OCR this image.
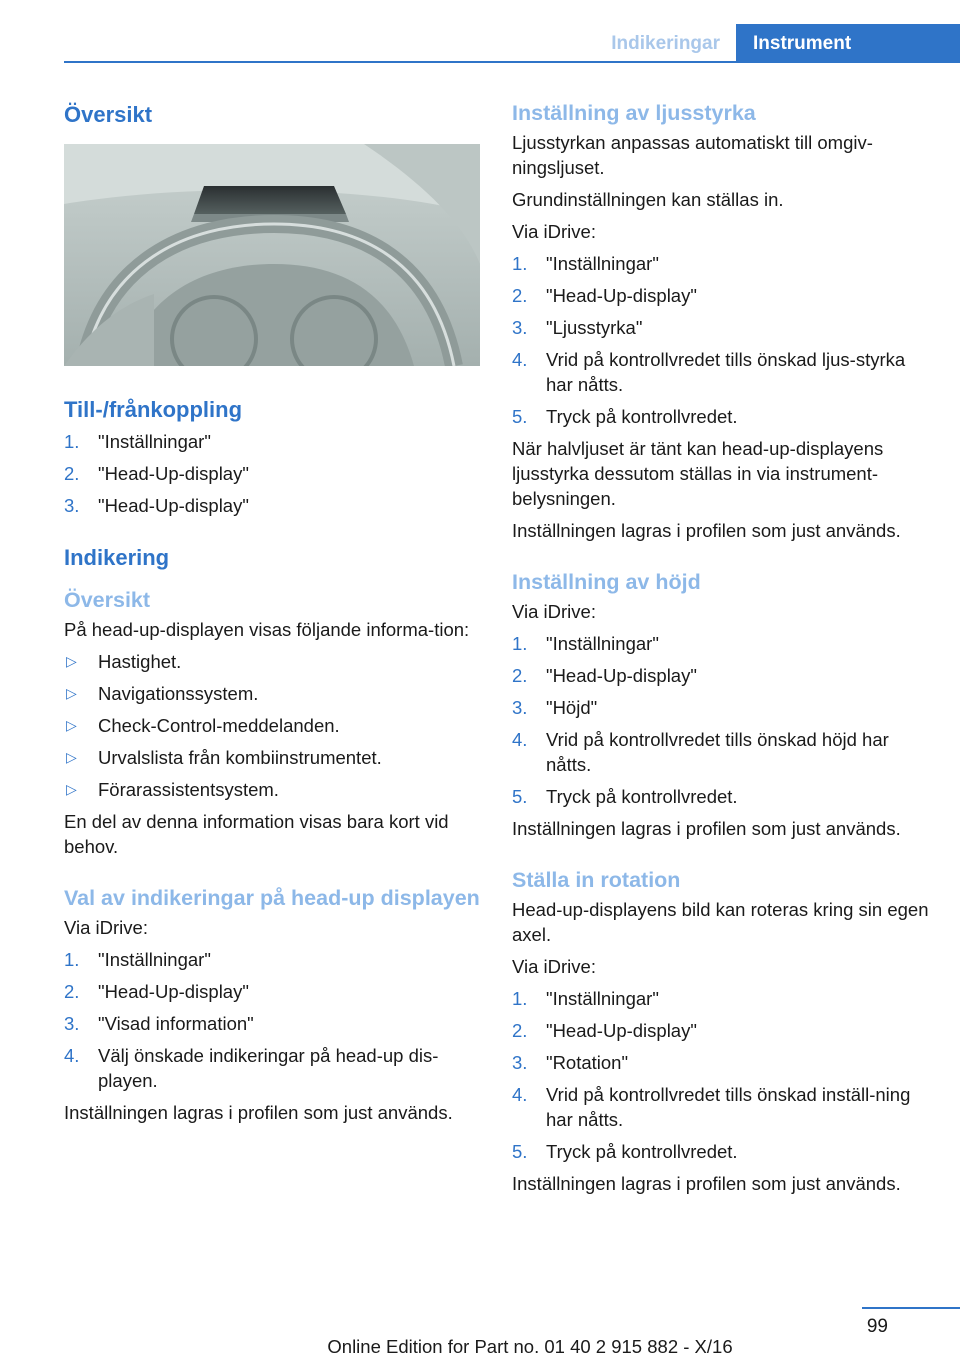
Indikeringar	Instrument
Översikt
Till-/frånkoppling
1. "Inställningar"
2. "Head-Up-display"
3. "Head-Up-display"
Indikering
Översikt
På head-up-displayen visas följande informa‐tion:
▷ Hastighet.
▷ Navigationssystem.
▷ Check-Control-meddelanden.
▷ Urvalslista från kombiinstrumentet.
▷ Förarassistentsystem.
En del av denna information visas bara kort vid behov.
Val av indikeringar på head-up displayen
Via iDrive:
1. "Inställningar"
2. "Head-Up-display"
3. "Visad information"
4. Välj önskade indikeringar på head-up dis‐playen.
Inställningen lagras i profilen som just används.
Inställning av ljusstyrka
Ljusstyrkan anpassas automatiskt till omgiv‐ningsljuset.
Grundinställningen kan ställas in.
Via iDrive:
1. "Inställningar"
2. "Head-Up-display"
3. "Ljusstyrka"
4. Vrid på kontrollvredet tills önskad ljus‐styrka har nåtts.
5. Tryck på kontrollvredet.
När halvljuset är tänt kan head-up-displayens ljusstyrka dessutom ställas in via instrument‐belysningen.
Inställningen lagras i profilen som just används.
Inställning av höjd
Via iDrive:
1. "Inställningar"
2. "Head-Up-display"
3. "Höjd"
4. Vrid på kontrollvredet tills önskad höjd har nåtts.
5. Tryck på kontrollvredet.
Inställningen lagras i profilen som just används.
Ställa in rotation
Head-up-displayens bild kan roteras kring sin egen axel.
Via iDrive:
1. "Inställningar"
2. "Head-Up-display"
3. "Rotation"
4. Vrid på kontrollvredet tills önskad inställ‐ning har nåtts.
5. Tryck på kontrollvredet.
Inställningen lagras i profilen som just används.
99
Online Edition for Part no. 01 40 2 915 882 - X/16
